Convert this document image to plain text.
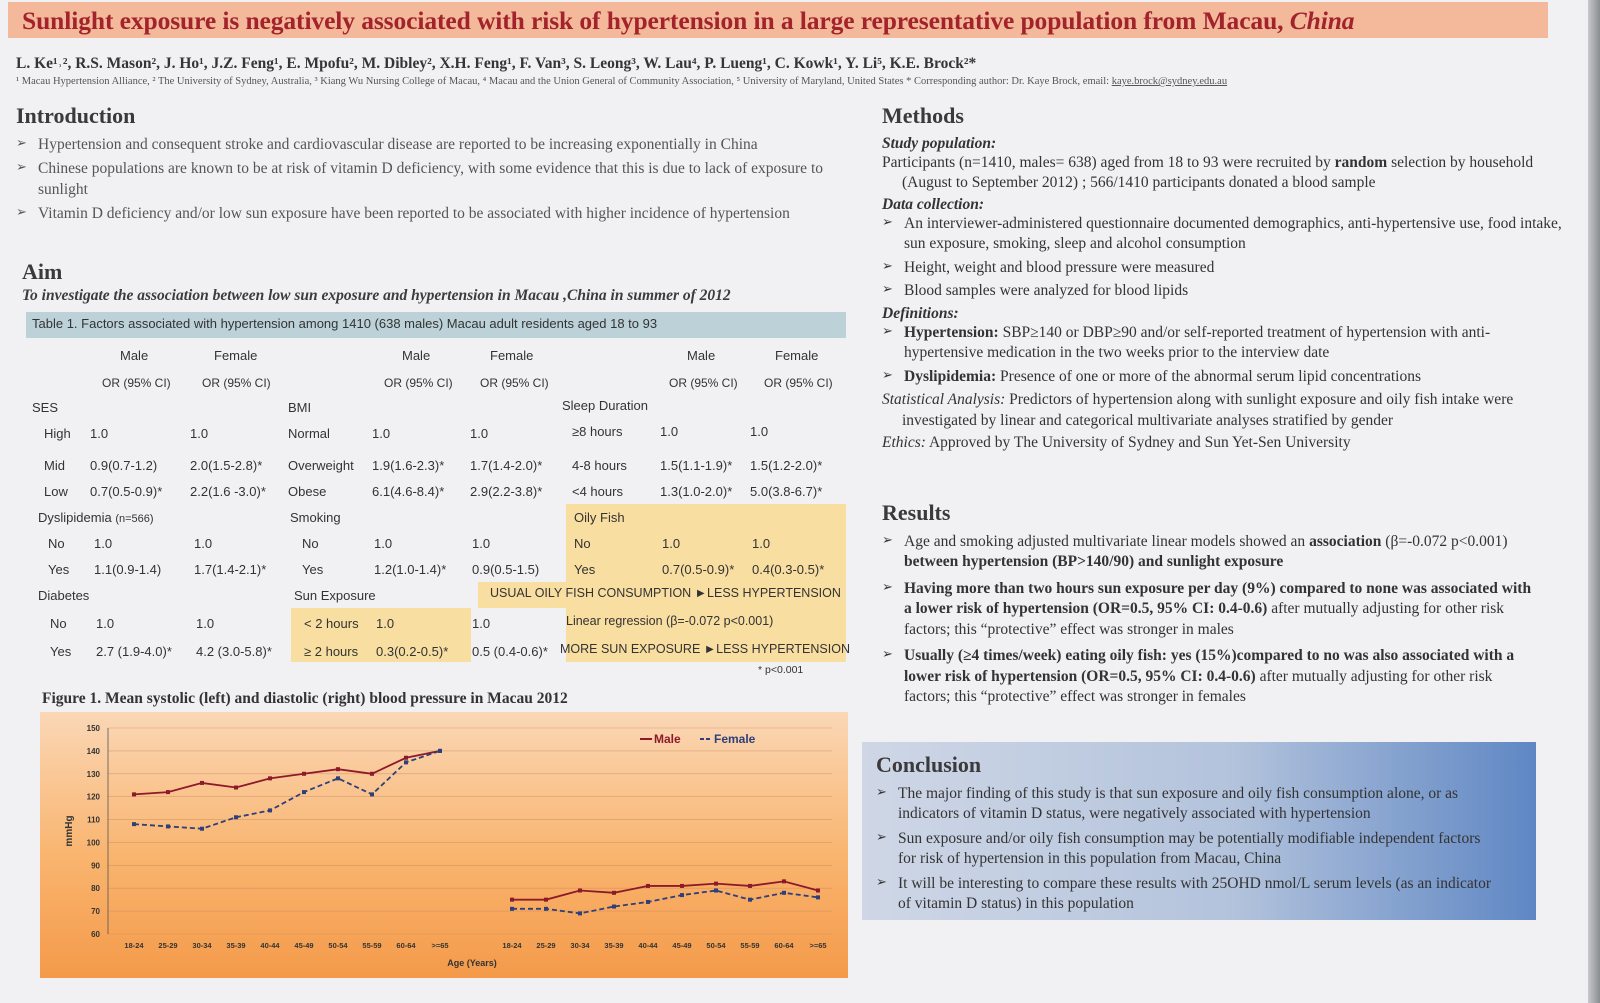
Sunlight exposure is negatively associated with risk of hypertension in a large representative population from Macau, China
L. Ke¹˒², R.S. Mason², J. Ho¹, J.Z. Feng¹, E. Mpofu², M. Dibley², X.H. Feng¹, F. Van³, S. Leong³, W. Lau⁴, P. Lueng¹, C. Kowk¹, Y. Li⁵, K.E. Brock²*
¹ Macau Hypertension Alliance, ² The University of Sydney, Australia, ³ Kiang Wu Nursing College of Macau, ⁴ Macau and the Union General of Community Association, ⁵ University of Maryland, United States * Corresponding author: Dr. Kaye Brock, email: kaye.brock@sydney.edu.au
Introduction
➢ Hypertension and consequent stroke and cardiovascular disease are reported to be increasing exponentially in China
➢ Chinese populations are known to be at risk of vitamin D deficiency, with some evidence that this is due to lack of exposure to sunlight
➢ Vitamin D deficiency and/or low sun exposure have been reported to be associated with higher incidence of hypertension
Aim
To investigate the association between low sun exposure and hypertension in Macau ,China in summer of 2012
Table 1. Factors associated with hypertension among 1410 (638 males) Macau adult residents aged 18 to 93
Male	Female
OR (95% CI)	OR (95% CI)
Male	Female
OR (95% CI) OR (95% CI)
Male	Female
OR (95% CI) OR (95% CI)
SES
High 1.0	1.0
Mid 0.9(0.7-1.2)	2.0(1.5-2.8)*
Low 0.7(0.5-0.9)* 2.2(1.6 -3.0)*
Dyslipidemia (n=566)
No 1.0	1.0
Yes 1.1(0.9-1.4)	1.7(1.4-2.1)*
Diabetes
No 1.0	1.0
Yes 2.7 (1.9-4.0)* 4.2 (3.0-5.8)*
BMI
Normal	1.0	1.0
Overweight 1.9(1.6-2.3)* 1.7(1.4-2.0)*
Obese	6.1(4.6-8.4)* 2.9(2.2-3.8)*
Smoking
No	1.0	1.0
Yes	1.2(1.0-1.4)* 0.9(0.5-1.5)
Sun Exposure
< 2 hours 1.0	1.0
≥ 2 hours 0.3(0.2-0.5)* 0.5 (0.4-0.6)*
Sleep Duration
≥8 hours	1.0	1.0
4-8 hours	1.5(1.1-1.9)* 1.5(1.2-2.0)*
<4 hours	1.3(1.0-2.0)* 5.0(3.8-6.7)*
Oily Fish
No	1.0	1.0
Yes	0.7(0.5-0.9)* 0.4(0.3-0.5)*
USUAL OILY FISH CONSUMPTION ►LESS HYPERTENSION
Linear regression (β=-0.072 p<0.001)
MORE SUN EXPOSURE ►LESS HYPERTENSION
* p<0.001
Figure 1. Mean systolic (left) and diastolic (right) blood pressure in Macau 2012
60
70
80
90
100
110
120
130
140
150
mmHg
Age (Years)
18-24 25-29 30-34 35-39 40-44 45-49 50-54 55-59 60-64 >=65	18-24 25-29 30-34 35-39 40-44 45-49 50-54 55-59 60-64 >=65
Male	Female
Methods
Study population:
Participants (n=1410, males= 638) aged from 18 to 93 were recruited by random selection by household (August to September 2012) ; 566/1410 participants donated a blood sample
Data collection:
➢ An interviewer-administered questionnaire documented demographics, anti-hypertensive use, food intake, sun exposure, smoking, sleep and alcohol consumption
➢ Height, weight and blood pressure were measured
➢ Blood samples were analyzed for blood lipids
Definitions:
➢ Hypertension: SBP≥140 or DBP≥90 and/or self-reported treatment of hypertension with anti-hypertensive medication in the two weeks prior to the interview date
➢ Dyslipidemia: Presence of one or more of the abnormal serum lipid concentrations
Statistical Analysis: Predictors of hypertension along with sunlight exposure and oily fish intake were investigated by linear and categorical multivariate analyses stratified by gender
Ethics: Approved by The University of Sydney and Sun Yet-Sen University
Results
➢ Age and smoking adjusted multivariate linear models showed an association (β=-0.072 p<0.001) between hypertension (BP>140/90) and sunlight exposure
➢ Having more than two hours sun exposure per day (9%) compared to none was associated with a lower risk of hypertension (OR=0.5, 95% CI: 0.4-0.6) after mutually adjusting for other risk factors; this “protective” effect was stronger in males
➢ Usually (≥4 times/week) eating oily fish: yes (15%)compared to no was also associated with a lower risk of hypertension (OR=0.5, 95% CI: 0.4-0.6) after mutually adjusting for other risk factors; this “protective” effect was stronger in females
Conclusion
➢ The major finding of this study is that sun exposure and oily fish consumption alone, or as indicators of vitamin D status, were negatively associated with hypertension
➢ Sun exposure and/or oily fish consumption may be potentially modifiable independent factors for risk of hypertension in this population from Macau, China
➢ It will be interesting to compare these results with 25OHD nmol/L serum levels (as an indicator of vitamin D status) in this population
